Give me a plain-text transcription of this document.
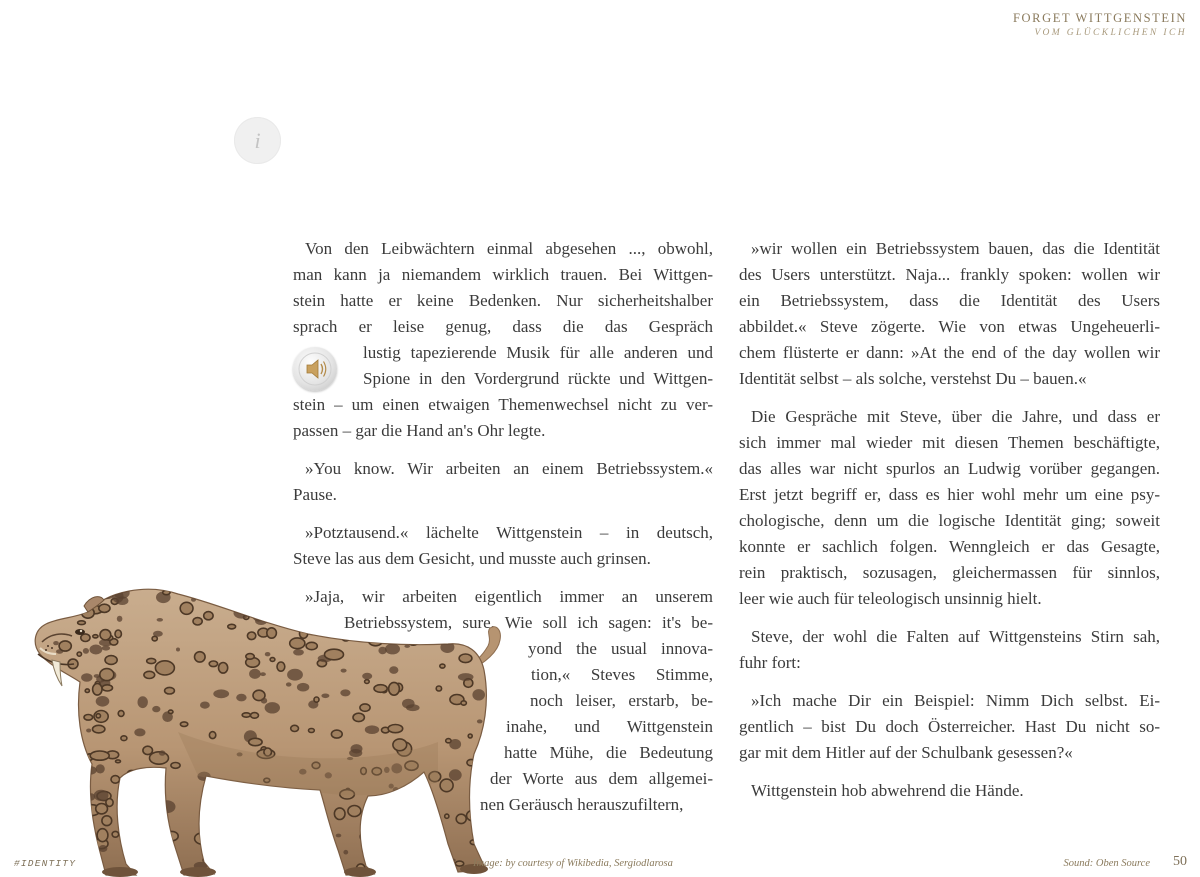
FORGET WITTGENSTEIN
VOM GLÜCKLICHEN ICH
i
Von den Leibwächtern einmal abgesehen ..., obwohl,
man kann ja niemandem wirklich trauen. Bei Wittgen-
stein hatte er keine Bedenken. Nur sicherheitshalber
sprach er leise genug, dass die das Gespräch
lustig tapezierende Musik für alle anderen und
Spione in den Vordergrund rückte und Wittgen-
stein – um einen etwaigen Themenwechsel nicht zu ver-
passen – gar die Hand an's Ohr legte.
»You know. Wir arbeiten an einem Betriebssystem.«
Pause.
»Potztausend.« lächelte Wittgenstein – in deutsch,
Steve las aus dem Gesicht, und musste auch grinsen.
»Jaja, wir arbeiten eigentlich immer an unserem
Betriebssystem, sure. Wie soll ich sagen: it's be-
yond the usual innova-
tion,« Steves Stimme,
noch leiser, erstarb, be-
inahe, und Wittgenstein
hatte Mühe, die Bedeutung
der Worte aus dem allgemei-
nen Geräusch herauszufiltern,
»wir wollen ein Betriebssystem bauen, das die Identität
des Users unterstützt. Naja... frankly spoken: wollen wir
ein Betriebssystem, dass die Identität des Users
abbildet.« Steve zögerte. Wie von etwas Ungeheuerli-
chem flüsterte er dann: »At the end of the day wollen wir
Identität selbst – als solche, verstehst Du – bauen.«
Die Gespräche mit Steve, über die Jahre, und dass er
sich immer mal wieder mit diesen Themen beschäftigte,
das alles war nicht spurlos an Ludwig vorüber gegangen.
Erst jetzt begriff er, dass es hier wohl mehr um eine psy-
chologische, denn um die logische Identität ging; soweit
konnte er sachlich folgen. Wenngleich er das Gesagte,
rein praktisch, sozusagen, gleichermassen für sinnlos,
leer wie auch für teleologisch unsinnig hielt.
Steve, der wohl die Falten auf Wittgensteins Stirn sah,
fuhr fort:
»Ich mache Dir ein Beispiel: Nimm Dich selbst. Ei-
gentlich – bist Du doch Österreicher. Hast Du nicht so-
gar mit dem Hitler auf der Schulbank gesessen?«
Wittgenstein hob abwehrend die Hände.
#IDENTITY	Image: by courtesy of Wikibedia, Sergiodlarosa	Sound: Oben Source 50
